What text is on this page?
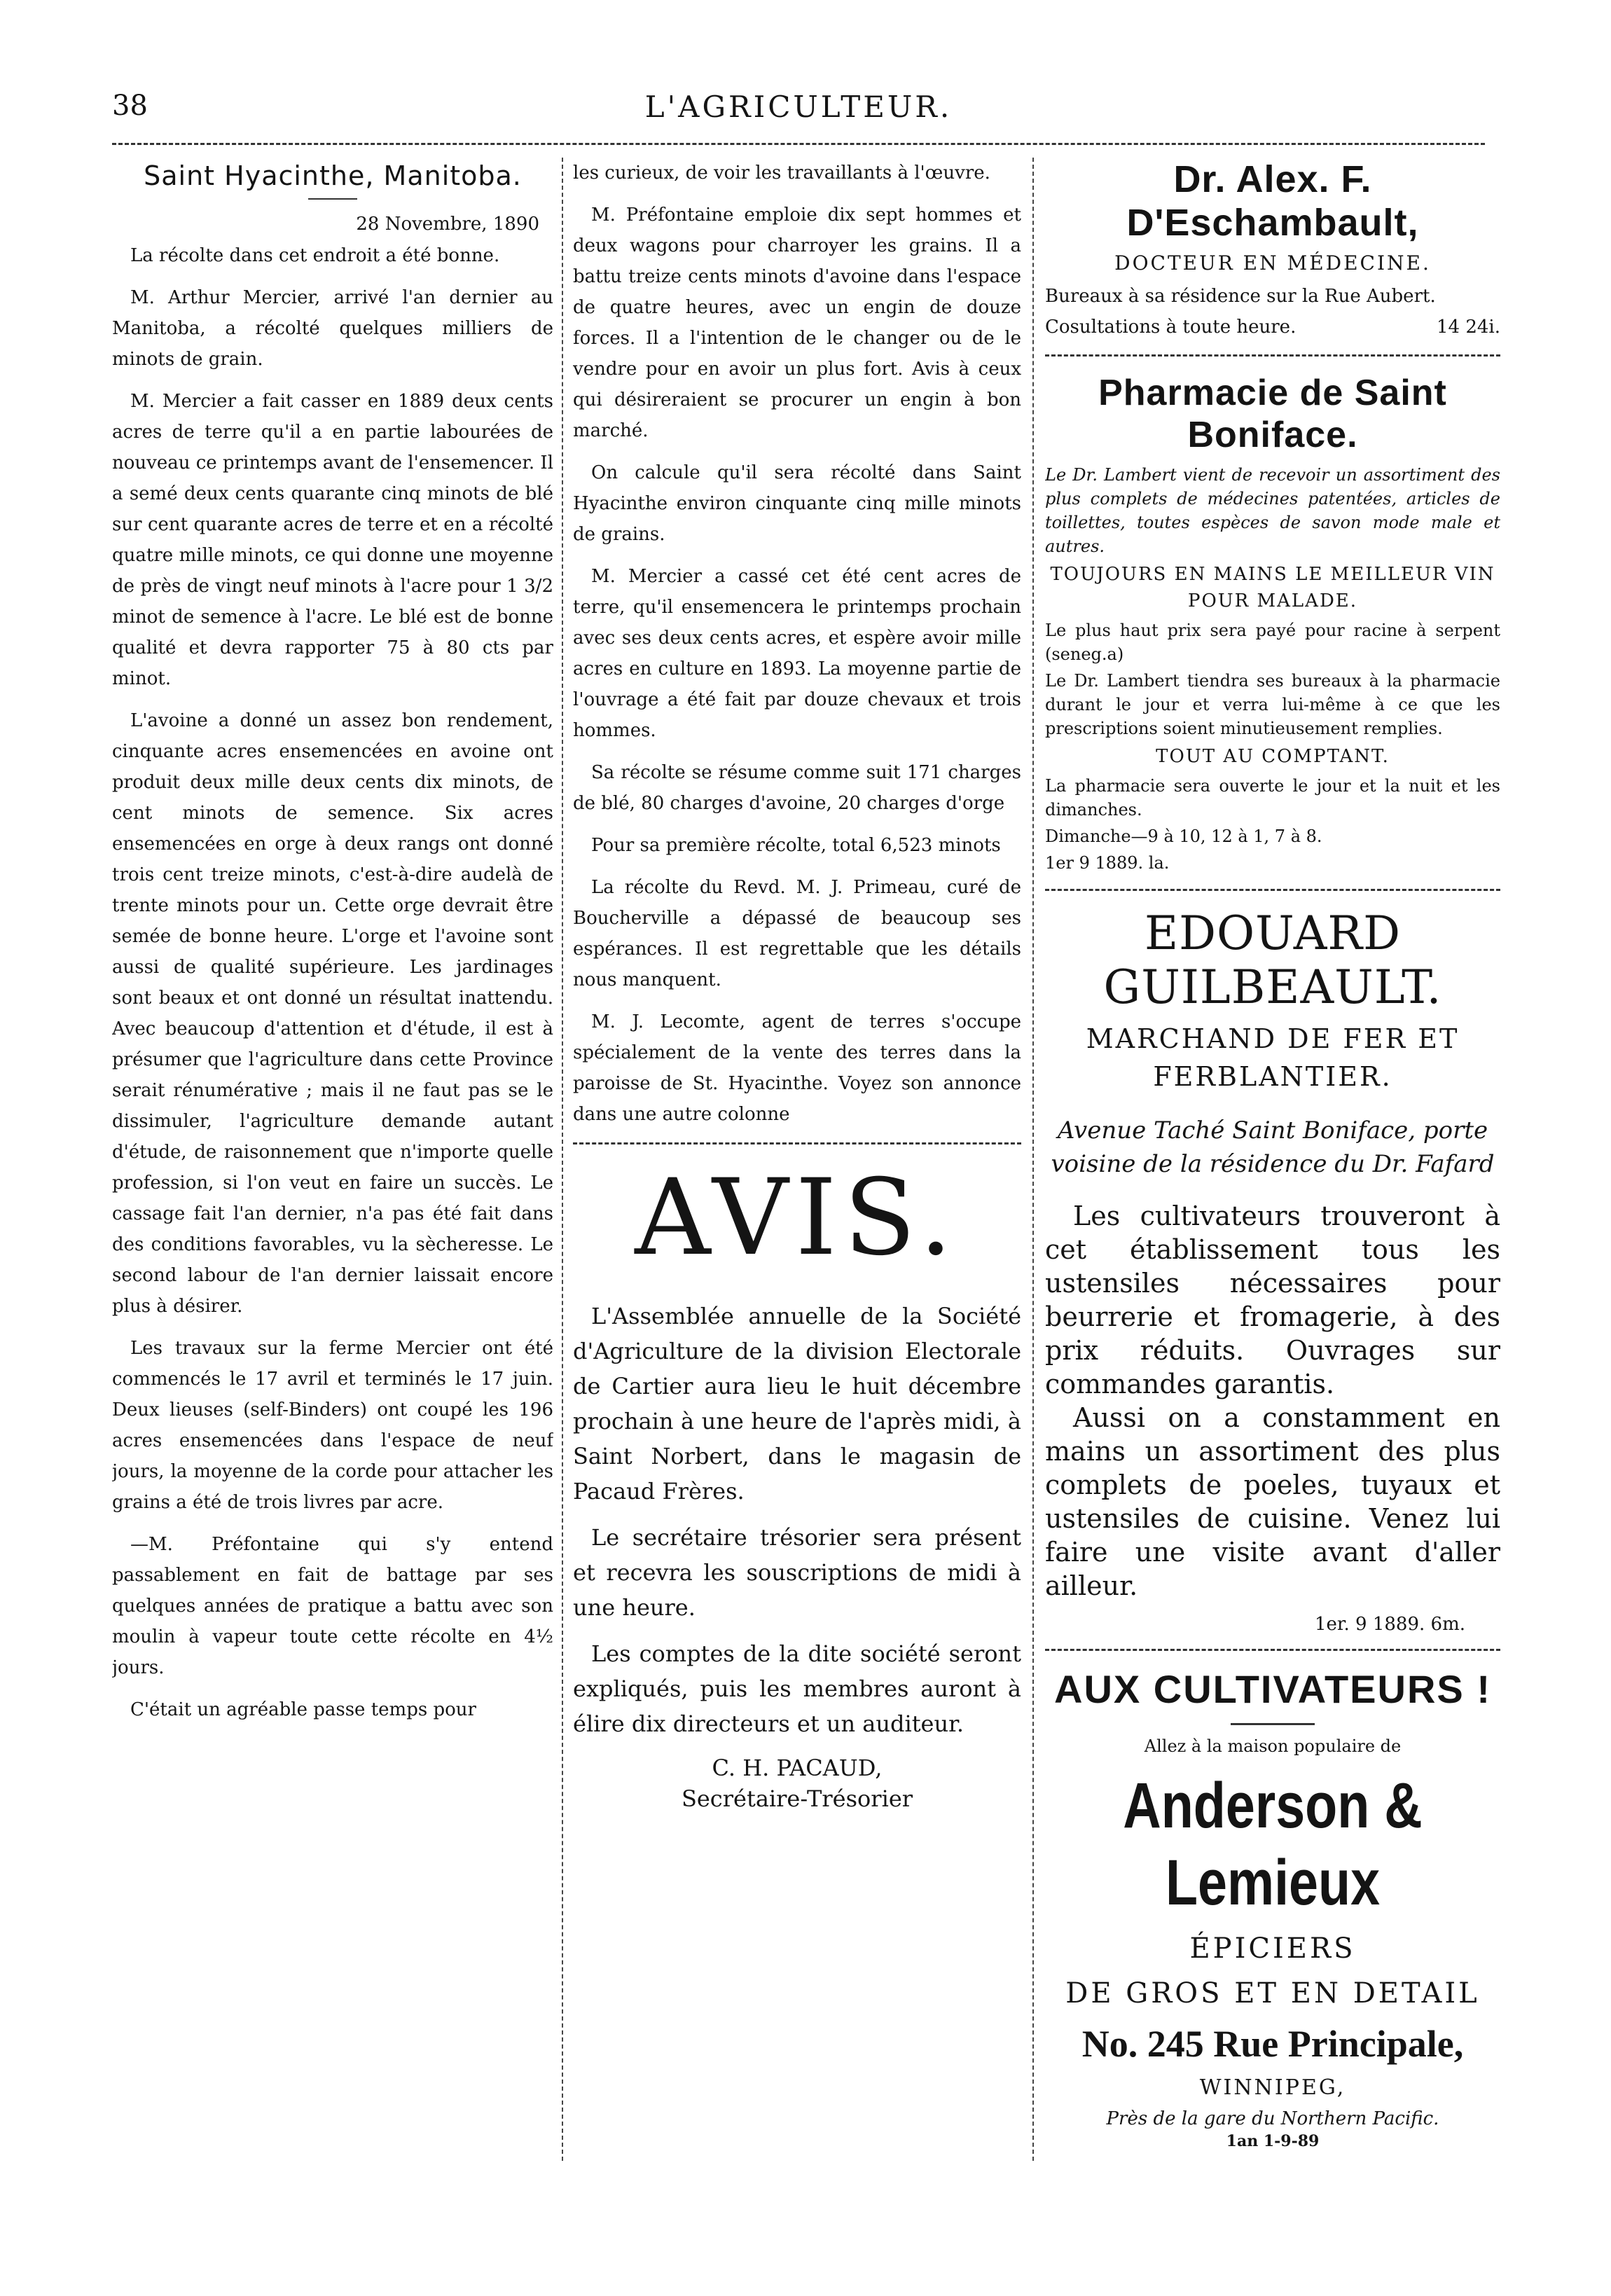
38	L'AGRICULTEUR.
Saint Hyacinthe, Manitoba.
28 Novembre, 1890

La récolte dans cet endroit a été bonne.

M. Arthur Mercier, arrivé l'an dernier au Manitoba, a récolté quelques milliers de minots de grain.

M. Mercier a fait casser en 1889 deux cents acres de terre qu'il a en partie labourées de nouveau ce printemps avant de l'ensemencer. Il a semé deux cents quarante cinq minots de blé sur cent quarante acres de terre et en a récolté quatre mille minots, ce qui donne une moyenne de près de vingt neuf minots à l'acre pour 1 3/2 minot de semence à l'acre. Le blé est de bonne qualité et devra rapporter 75 à 80 cts par minot.

L'avoine a donné un assez bon rendement, cinquante acres ensemencées en avoine ont produit deux mille deux cents dix minots, de cent minots de semence. Six acres ensemencées en orge à deux rangs ont donné trois cent treize minots, c'est-à-dire audelà de trente minots pour un. Cette orge devrait être semée de bonne heure. L'orge et l'avoine sont aussi de qualité supérieure. Les jardinages sont beaux et ont donné un résultat inattendu. Avec beaucoup d'attention et d'étude, il est à présumer que l'agriculture dans cette Province serait rénumérative ; mais il ne faut pas se le dissimuler, l'agriculture demande autant d'étude, de raisonnement que n'importe quelle profession, si l'on veut en faire un succès. Le cassage fait l'an dernier, n'a pas été fait dans des conditions favorables, vu la sècheresse. Le second labour de l'an dernier laissait encore plus à désirer.

Les travaux sur la ferme Mercier ont été commencés le 17 avril et terminés le 17 juin. Deux lieuses (self-Binders) ont coupé les 196 acres ensemencées dans l'espace de neuf jours, la moyenne de la corde pour attacher les grains a été de trois livres par acre.

—M. Préfontaine qui s'y entend passablement en fait de battage par ses quelques années de pratique a battu avec son moulin à vapeur toute cette récolte en 4½ jours.

C'était un agréable passe temps pour

les curieux, de voir les travaillants à l'œuvre.

M. Préfontaine emploie dix sept hommes et deux wagons pour charroyer les grains. Il a battu treize cents minots d'avoine dans l'espace de quatre heures, avec un engin de douze forces. Il a l'intention de le changer ou de le vendre pour en avoir un plus fort. Avis à ceux qui désireraient se procurer un engin à bon marché.

On calcule qu'il sera récolté dans Saint Hyacinthe environ cinquante cinq mille minots de grains.

M. Mercier a cassé cet été cent acres de terre, qu'il ensemencera le printemps prochain avec ses deux cents acres, et espère avoir mille acres en culture en 1893. La moyenne partie de l'ouvrage a été fait par douze chevaux et trois hommes.

Sa récolte se résume comme suit 171 charges de blé, 80 charges d'avoine, 20 charges d'orge

Pour sa première récolte, total 6,523 minots

La récolte du Revd. M. J. Primeau, curé de Boucherville a dépassé de beaucoup ses espérances. Il est regrettable que les détails nous manquent.

M. J. Lecomte, agent de terres s'occupe spécialement de la vente des terres dans la paroisse de St. Hyacinthe. Voyez son annonce dans une autre colonne

AVIS.

L'Assemblée annuelle de la Société d'Agriculture de la division Electorale de Cartier aura lieu le huit décembre prochain à une heure de l'après midi, à Saint Norbert, dans le magasin de Pacaud Frères.

Le secrétaire trésorier sera présent et recevra les souscriptions de midi à une heure.

Les comptes de la dite société seront expliqués, puis les membres auront à élire dix directeurs et un auditeur.

C. H. PACAUD,

Secrétaire-Trésorier

Dr. Alex. F. D'Eschambault,
DOCTEUR EN MÉDECINE.

Bureaux à sa résidence sur la Rue Aubert.

Cosultations à toute heure.	14 24i.

Pharmacie de Saint Boniface.

Le Dr. Lambert vient de recevoir un assortiment des plus complets de médecines patentées, articles de toillettes, toutes espèces de savon mode male et autres.

TOUJOURS EN MAINS LE MEILLEUR VIN POUR MALADE.

Le plus haut prix sera payé pour racine à serpent (seneg.a)

Le Dr. Lambert tiendra ses bureaux à la pharmacie durant le jour et verra lui-même à ce que les prescriptions soient minutieusement remplies.

TOUT AU COMPTANT.

La pharmacie sera ouverte le jour et la nuit et les dimanches.

Dimanche—9 à 10, 12 à 1, 7 à 8.

1er 9 1889. la.

EDOUARD GUILBEAULT.
MARCHAND DE FER ET FERBLANTIER.
Avenue Taché Saint Boniface, porte voisine de la résidence du Dr. Fafard

Les cultivateurs trouveront à cet établissement tous les ustensiles nécessaires pour beurrerie et fromagerie, à des prix réduits. Ouvrages sur commandes garantis.

Aussi on a constamment en mains un assortiment des plus complets de poeles, tuyaux et ustensiles de cuisine. Venez lui faire une visite avant d'aller ailleur.

1er. 9 1889. 6m.
AUX CULTIVATEURS !
Allez à la maison populaire de
Anderson & Lemieux
ÉPICIERS
DE GROS ET EN DETAIL
No. 245 Rue Principale,
WINNIPEG,
Près de la gare du Northern Pacific.
1an 1-9-89
